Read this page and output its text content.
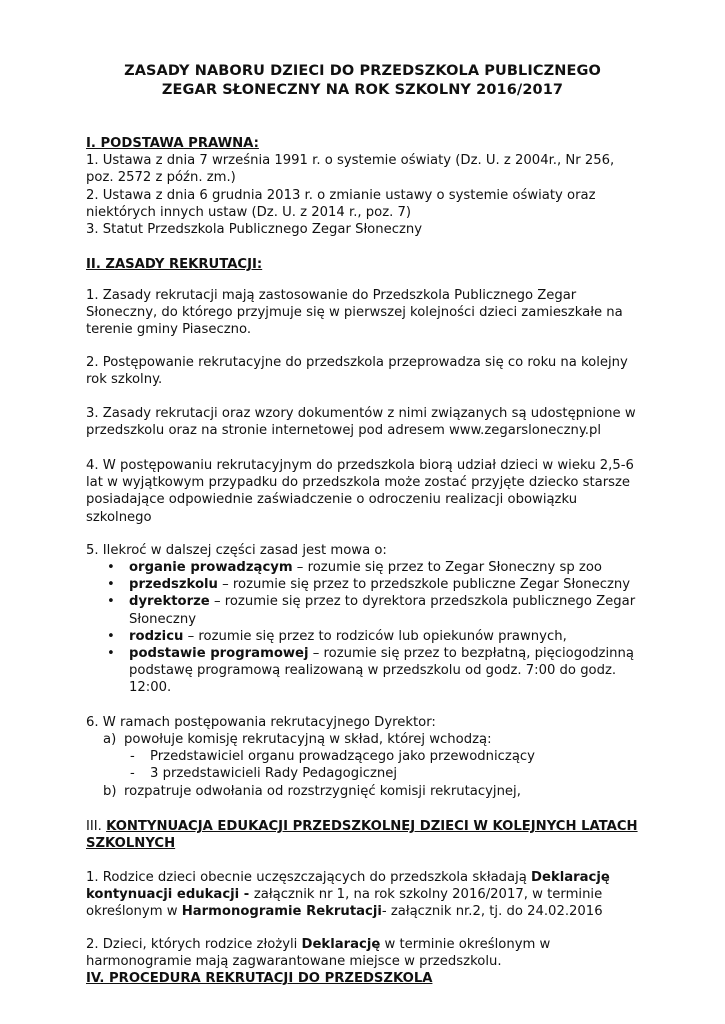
ZASADY NABORU DZIECI DO PRZEDSZKOLA PUBLICZNEGO
ZEGAR SŁONECZNY NA ROK SZKOLNY 2016/2017
I. PODSTAWA PRAWNA:
1. Ustawa z dnia 7 września 1991 r. o systemie oświaty (Dz. U. z 2004r., Nr 256,
poz. 2572 z późn. zm.)
2. Ustawa z dnia 6 grudnia 2013 r. o zmianie ustawy o systemie oświaty oraz
niektórych innych ustaw (Dz. U. z 2014 r., poz. 7)
3. Statut Przedszkola Publicznego Zegar Słoneczny
II. ZASADY REKRUTACJI:
1. Zasady rekrutacji mają zastosowanie do Przedszkola Publicznego Zegar
Słoneczny, do którego przyjmuje się w pierwszej kolejności dzieci zamieszkałe na
terenie gminy Piaseczno.
2. Postępowanie rekrutacyjne do przedszkola przeprowadza się co roku na kolejny
rok szkolny.
3. Zasady rekrutacji oraz wzory dokumentów z nimi związanych są udostępnione w
przedszkolu oraz na stronie internetowej pod adresem www.zegarsloneczny.pl
4. W postępowaniu rekrutacyjnym do przedszkola biorą udział dzieci w wieku 2,5-6
lat w wyjątkowym przypadku do przedszkola może zostać przyjęte dziecko starsze
posiadające odpowiednie zaświadczenie o odroczeniu realizacji obowiązku
szkolnego
5. Ilekroć w dalszej części zasad jest mowa o:
• organie prowadzącym – rozumie się przez to Zegar Słoneczny sp zoo
• przedszkolu – rozumie się przez to przedszkole publiczne Zegar Słoneczny
• dyrektorze – rozumie się przez to dyrektora przedszkola publicznego Zegar
Słoneczny
• rodzicu – rozumie się przez to rodziców lub opiekunów prawnych,
• podstawie programowej – rozumie się przez to bezpłatną, pięciogodzinną
podstawę programową realizowaną w przedszkolu od godz. 7:00 do godz.
12:00.
6. W ramach postępowania rekrutacyjnego Dyrektor:
a) powołuje komisję rekrutacyjną w skład, której wchodzą:
- Przedstawiciel organu prowadzącego jako przewodniczący
- 3 przedstawicieli Rady Pedagogicznej
b) rozpatruje odwołania od rozstrzygnięć komisji rekrutacyjnej,
III. KONTYNUACJA EDUKACJI PRZEDSZKOLNEJ DZIECI W KOLEJNYCH LATACH
SZKOLNYCH
1. Rodzice dzieci obecnie uczęszczających do przedszkola składają Deklarację
kontynuacji edukacji - załącznik nr 1, na rok szkolny 2016/2017, w terminie
określonym w Harmonogramie Rekrutacji- załącznik nr.2, tj. do 24.02.2016
2. Dzieci, których rodzice złożyli Deklarację w terminie określonym w
harmonogramie mają zagwarantowane miejsce w przedszkolu.
IV. PROCEDURA REKRUTACJI DO PRZEDSZKOLA
